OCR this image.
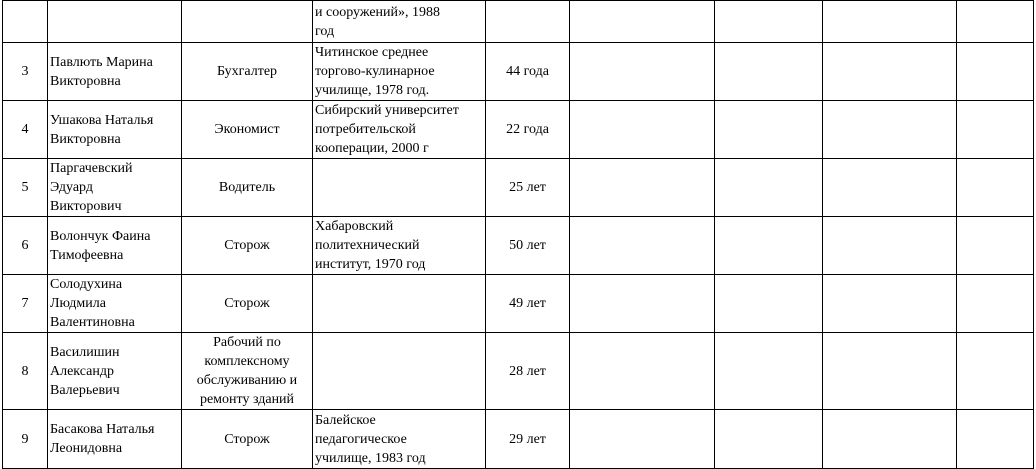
			и сооружений», 1988
год					

3	Павлють Марина
Викторовна	Бухгалтер	Читинское среднее
торгово-кулинарное
училище, 1978 год.	44 года				
4	Ушакова Наталья
Викторовна	Экономист	Сибирский университет
потребительской
кооперации, 2000 г	22 года				
5	Паргачевский
Эдуард
Викторович	Водитель		25 лет				
6	Волончук Фаина
Тимофеевна	Сторож	Хабаровский
политехнический
институт, 1970 год	50 лет				
7	Солодухина
Людмила
Валентиновна	Сторож		49 лет				
8	Василишин
Александр
Валерьевич	Рабочий по
комплексному
обслуживанию и
ремонту зданий		28 лет				
9	Басакова Наталья
Леонидовна	Сторож	Балейское
педагогическое
училище, 1983 год	29 лет				
